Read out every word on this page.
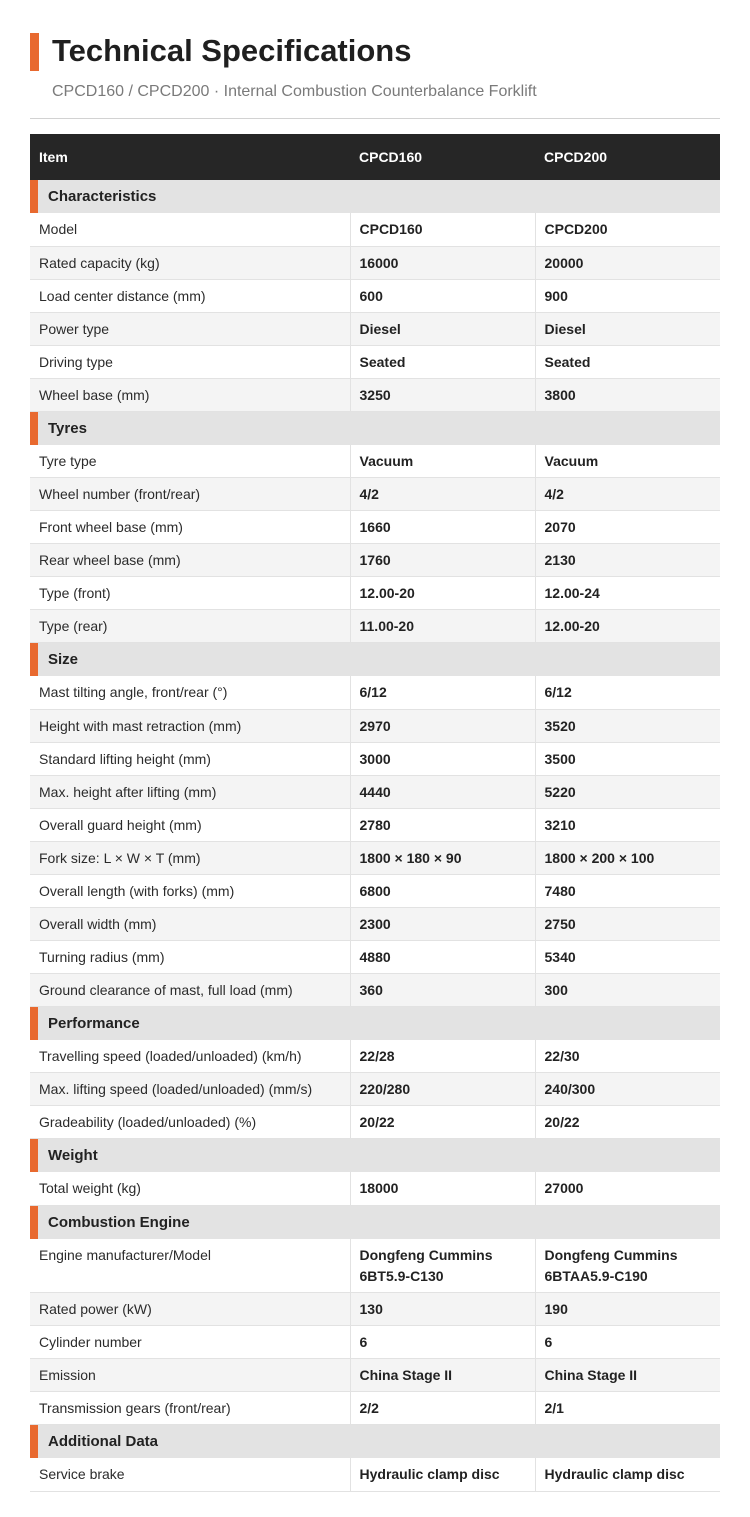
Technical Specifications
CPCD160 / CPCD200 · Internal Combustion Counterbalance Forklift
Item	CPCD160	CPCD200

Characteristics		

Model	CPCD160	CPCD200
Rated capacity (kg)	16000	20000
Load center distance (mm)	600	900
Power type	Diesel	Diesel
Driving type	Seated	Seated
Wheel base (mm)	3250	3800

Tyres		

Tyre type	Vacuum	Vacuum
Wheel number (front/rear)	4/2	4/2
Front wheel base (mm)	1660	2070
Rear wheel base (mm)	1760	2130
Type (front)	12.00-20	12.00-24
Type (rear)	11.00-20	12.00-20

Size		

Mast tilting angle, front/rear (°)	6/12	6/12
Height with mast retraction (mm)	2970	3520
Standard lifting height (mm)	3000	3500
Max. height after lifting (mm)	4440	5220
Overall guard height (mm)	2780	3210
Fork size: L × W × T (mm)	1800 × 180 × 90	1800 × 200 × 100
Overall length (with forks) (mm)	6800	7480
Overall width (mm)	2300	2750
Turning radius (mm)	4880	5340
Ground clearance of mast, full load (mm)	360	300

Performance		

Travelling speed (loaded/unloaded) (km/h)	22/28	22/30
Max. lifting speed (loaded/unloaded) (mm/s)	220/280	240/300
Gradeability (loaded/unloaded) (%)	20/22	20/22

Weight		

Total weight (kg)	18000	27000

Combustion Engine		

Engine manufacturer/Model	Dongfeng Cummins 6BT5.9-C130	Dongfeng Cummins 6BTAA5.9-C190
Rated power (kW)	130	190
Cylinder number	6	6
Emission	China Stage II	China Stage II
Transmission gears (front/rear)	2/2	2/1

Additional Data		

Service brake	Hydraulic clamp disc	Hydraulic clamp disc
